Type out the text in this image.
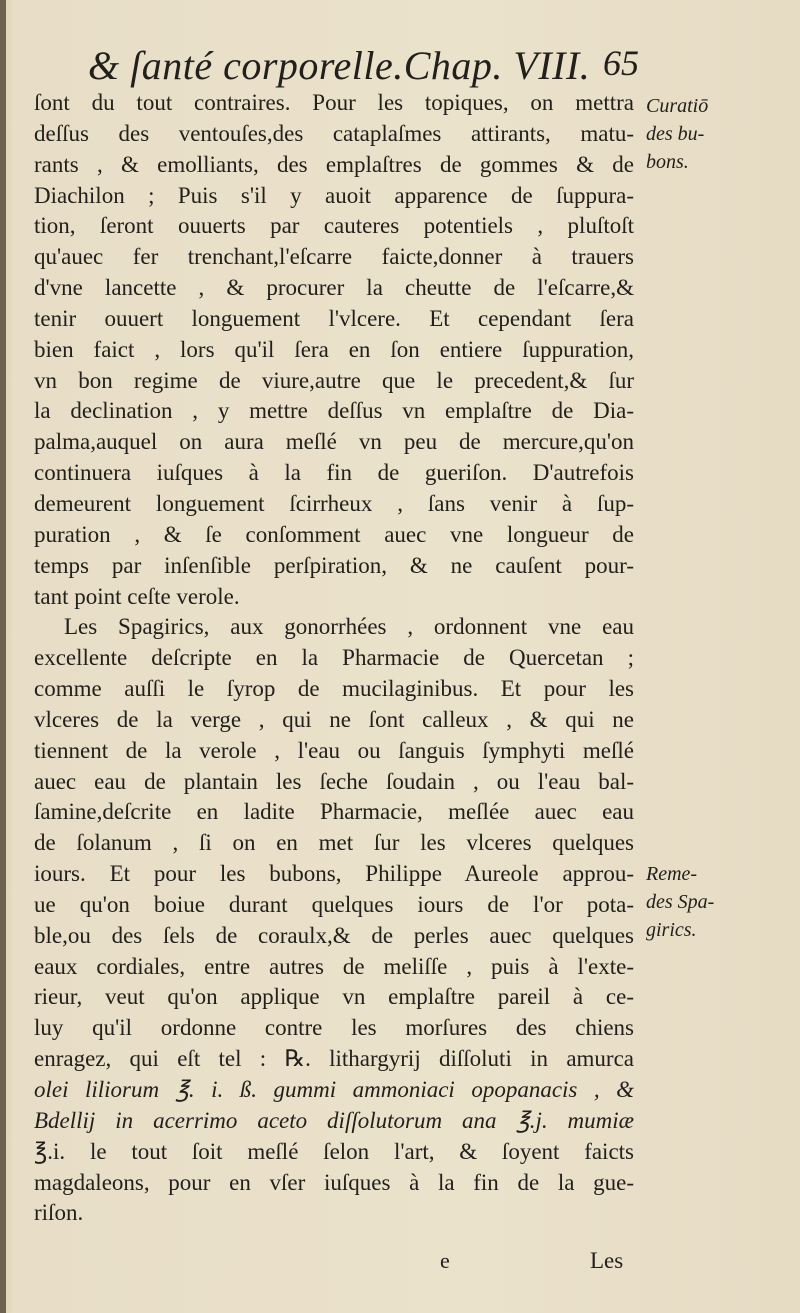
& ſanté corporelle.Chap. VIII. 65
ſont du tout contraires. Pour les topiques, on mettra
deſſus des ventouſes,des cataplaſmes attirants, matu-
rants , & emolliants, des emplaſtres de gommes & de
Diachilon ; Puis s'il y auoit apparence de ſuppura-
tion, ſeront ouuerts par cauteres potentiels , pluſtoſt
qu'auec fer trenchant,l'eſcarre faicte,donner à trauers
d'vne lancette , & procurer la cheutte de l'eſcarre,&
tenir ouuert longuement l'vlcere. Et cependant ſera
bien faict , lors qu'il ſera en ſon entiere ſuppuration,
vn bon regime de viure,autre que le precedent,& ſur
la declination , y mettre deſſus vn emplaſtre de Dia-
palma,auquel on aura meſlé vn peu de mercure,qu'on
continuera iuſques à la fin de gueriſon. D'autrefois
demeurent longuement ſcirrheux , ſans venir à ſup-
puration , & ſe conſomment auec vne longueur de
temps par inſenſible perſpiration, & ne cauſent pour-
tant point ceſte verole.
Les Spagirics, aux gonorrhées , ordonnent vne eau
excellente deſcripte en la Pharmacie de Quercetan ;
comme auſſi le ſyrop de mucilaginibus. Et pour les
vlceres de la verge , qui ne ſont calleux , & qui ne
tiennent de la verole , l'eau ou ſanguis ſymphyti meſlé
auec eau de plantain les ſeche ſoudain , ou l'eau bal-
ſamine,deſcrite en ladite Pharmacie, meſlée auec eau
de ſolanum , ſi on en met ſur les vlceres quelques
iours. Et pour les bubons, Philippe Aureole approu-
ue qu'on boiue durant quelques iours de l'or pota-
ble,ou des ſels de coraulx,& de perles auec quelques
eaux cordiales, entre autres de meliſſe , puis à l'exte-
rieur, veut qu'on applique vn emplaſtre pareil à ce-
luy qu'il ordonne contre les morſures des chiens
enragez, qui eſt tel : ℞. lithargyrij diſſoluti in amurca
olei liliorum ℥. i. ß. gummi ammoniaci opopanacis , &
Bdellij in acerrimo aceto diſſolutorum ana ℥.j. mumiæ
℥.i. le tout ſoit meſlé ſelon l'art, & ſoyent faicts
magdaleons, pour en vſer iuſques à la fin de la gue-
riſon.
Curatiō
des bu-
bons.
Reme-
des Spa-
girics.
e	Les
